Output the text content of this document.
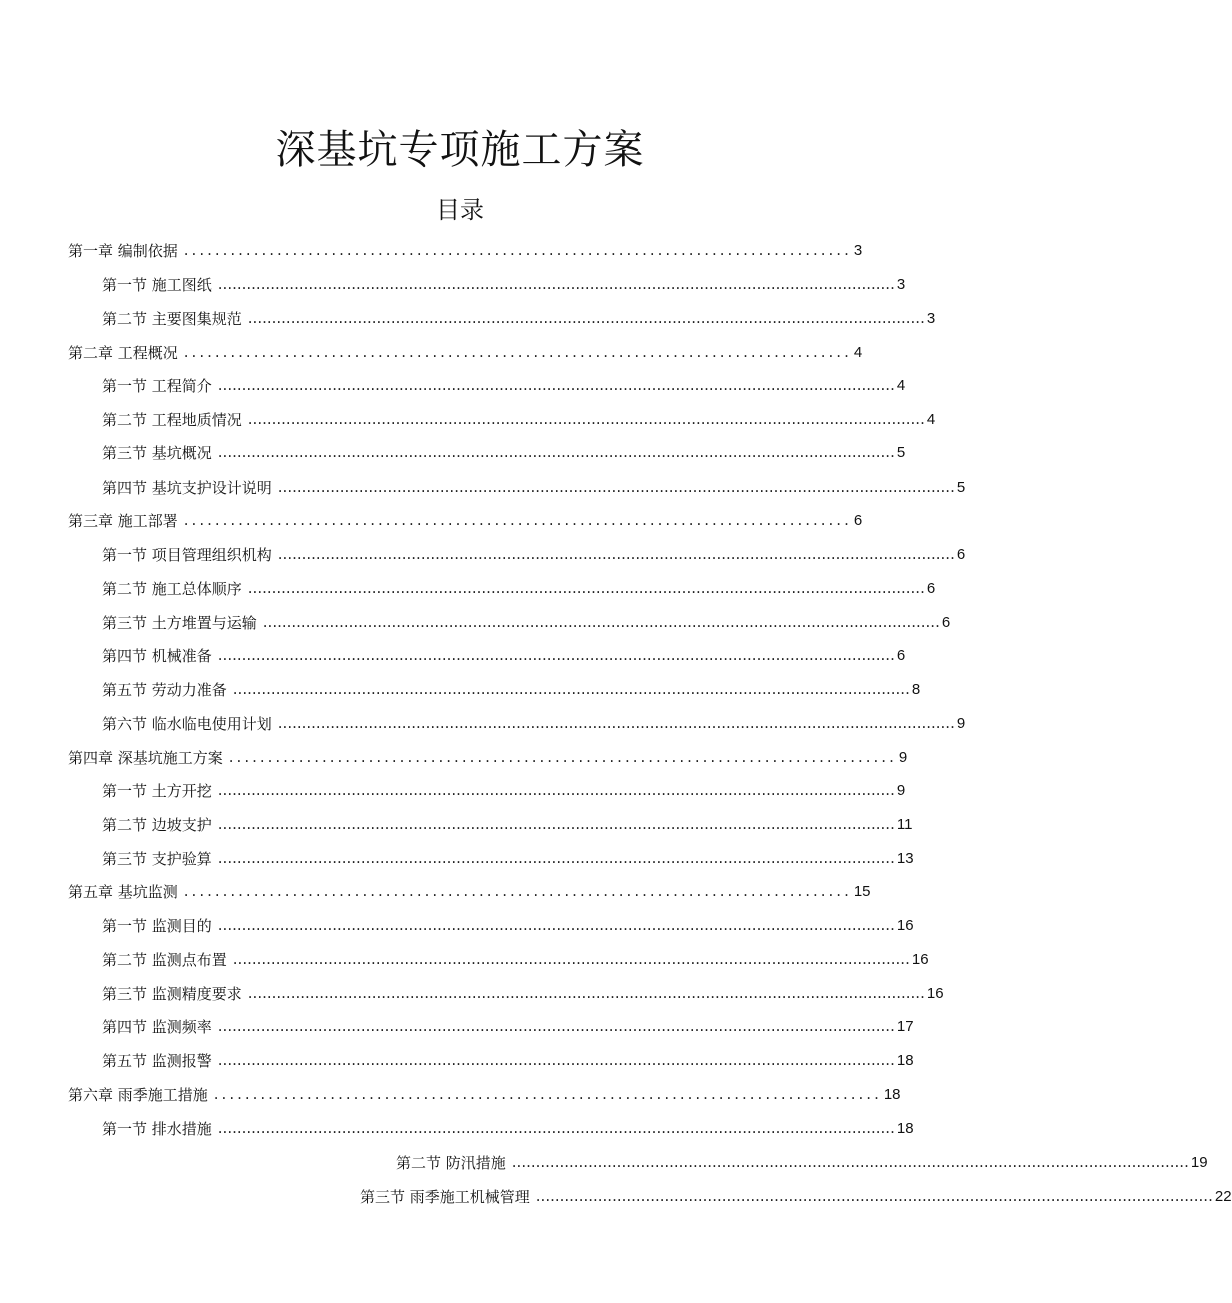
深基坑专项施工方案
目录
第一章 编制依据 ...................................................................................... 3
第一节 施工图纸 .............................................................................................................................................. 3
第二节 主要图集规范 .............................................................................................................................................. 3
第二章 工程概况 ...................................................................................... 4
第一节 工程简介 .............................................................................................................................................. 4
第二节 工程地质情况 .............................................................................................................................................. 4
第三节 基坑概况 .............................................................................................................................................. 5
第四节 基坑支护设计说明 .............................................................................................................................................. 5
第三章 施工部署 ...................................................................................... 6
第一节 项目管理组织机构 .............................................................................................................................................. 6
第二节 施工总体顺序 .............................................................................................................................................. 6
第三节 土方堆置与运输 .............................................................................................................................................. 6
第四节 机械准备 .............................................................................................................................................. 6
第五节 劳动力准备 .............................................................................................................................................. 8
第六节 临水临电使用计划 .............................................................................................................................................. 9
第四章 深基坑施工方案 ...................................................................................... 9
第一节 土方开挖 .............................................................................................................................................. 9
第二节 边坡支护 .............................................................................................................................................. 11
第三节 支护验算 .............................................................................................................................................. 13
第五章 基坑监测 ...................................................................................... 15
第一节 监测目的 .............................................................................................................................................. 16
第二节 监测点布置 .............................................................................................................................................. 16
第三节 监测精度要求 .............................................................................................................................................. 16
第四节 监测频率 .............................................................................................................................................. 17
第五节 监测报警 .............................................................................................................................................. 18
第六章 雨季施工措施 ...................................................................................... 18
第一节 排水措施 .............................................................................................................................................. 18
第二节 防汛措施 .............................................................................................................................................. 19
第三节 雨季施工机械管理 .............................................................................................................................................. 22
